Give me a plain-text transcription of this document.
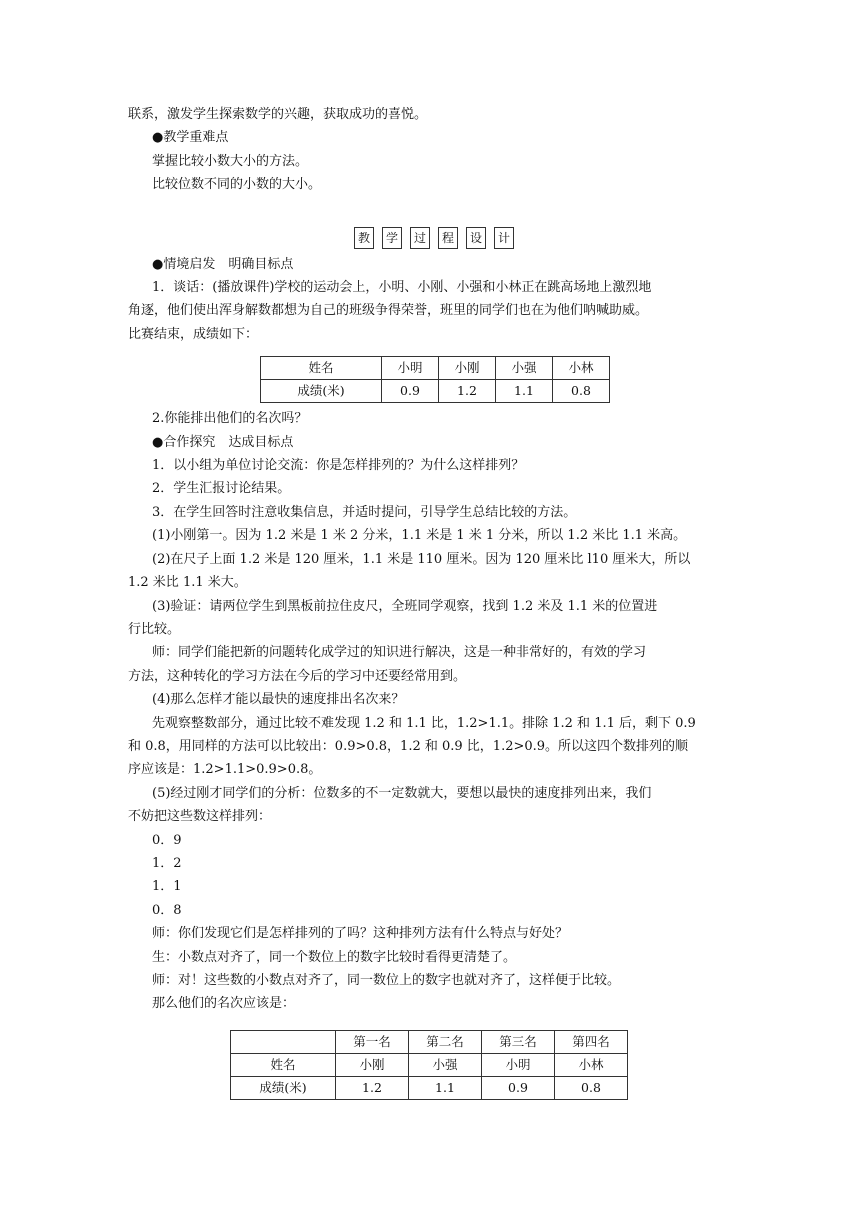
联系，激发学生探索数学的兴趣，获取成功的喜悦。
●教学重难点
掌握比较小数大小的方法。
比较位数不同的小数的大小。
教	学	过	程	设	计
●情境启发　明确目标点
1．谈话：(播放课件)学校的运动会上，小明、小刚、小强和小林正在跳高场地上激烈地
角逐，他们使出浑身解数都想为自己的班级争得荣誉，班里的同学们也在为他们呐喊助威。
比赛结束，成绩如下：
姓名	小明	小刚	小强	小林
成绩(米)	0.9	1.2	1.1	0.8
2.你能排出他们的名次吗？
●合作探究　达成目标点
1．以小组为单位讨论交流：你是怎样排列的？为什么这样排列？
2．学生汇报讨论结果。
3．在学生回答时注意收集信息，并适时提问，引导学生总结比较的方法。
(1)小刚第一。因为 1.2 米是 1 米 2 分米，1.1 米是 1 米 1 分米，所以 1.2 米比 1.1 米高。
(2)在尺子上面 1.2 米是 120 厘米，1.1 米是 110 厘米。因为 120 厘米比 l10 厘米大，所以
1.2 米比 1.1 米大。
(3)验证：请两位学生到黑板前拉住皮尺，全班同学观察，找到 1.2 米及 1.1 米的位置进
行比较。
师：同学们能把新的问题转化成学过的知识进行解决，这是一种非常好的，有效的学习
方法，这种转化的学习方法在今后的学习中还要经常用到。
(4)那么怎样才能以最快的速度排出名次来？
先观察整数部分，通过比较不难发现 1.2 和 1.1 比，1.2>1.1。排除 1.2 和 1.1 后，剩下 0.9
和 0.8，用同样的方法可以比较出：0.9>0.8，1.2 和 0.9 比，1.2>0.9。所以这四个数排列的顺
序应该是：1.2>1.1>0.9>0.8。
(5)经过刚才同学们的分析：位数多的不一定数就大，要想以最快的速度排列出来，我们
不妨把这些数这样排列：
0．9
1．2
1．1
0．8
师：你们发现它们是怎样排列的了吗？这种排列方法有什么特点与好处？
生：小数点对齐了，同一个数位上的数字比较时看得更清楚了。
师：对！这些数的小数点对齐了，同一数位上的数字也就对齐了，这样便于比较。
那么他们的名次应该是：
	第一名	第二名	第三名	第四名
姓名	小刚	小强	小明	小林
成绩(米)	1.2	1.1	0.9	0.8
